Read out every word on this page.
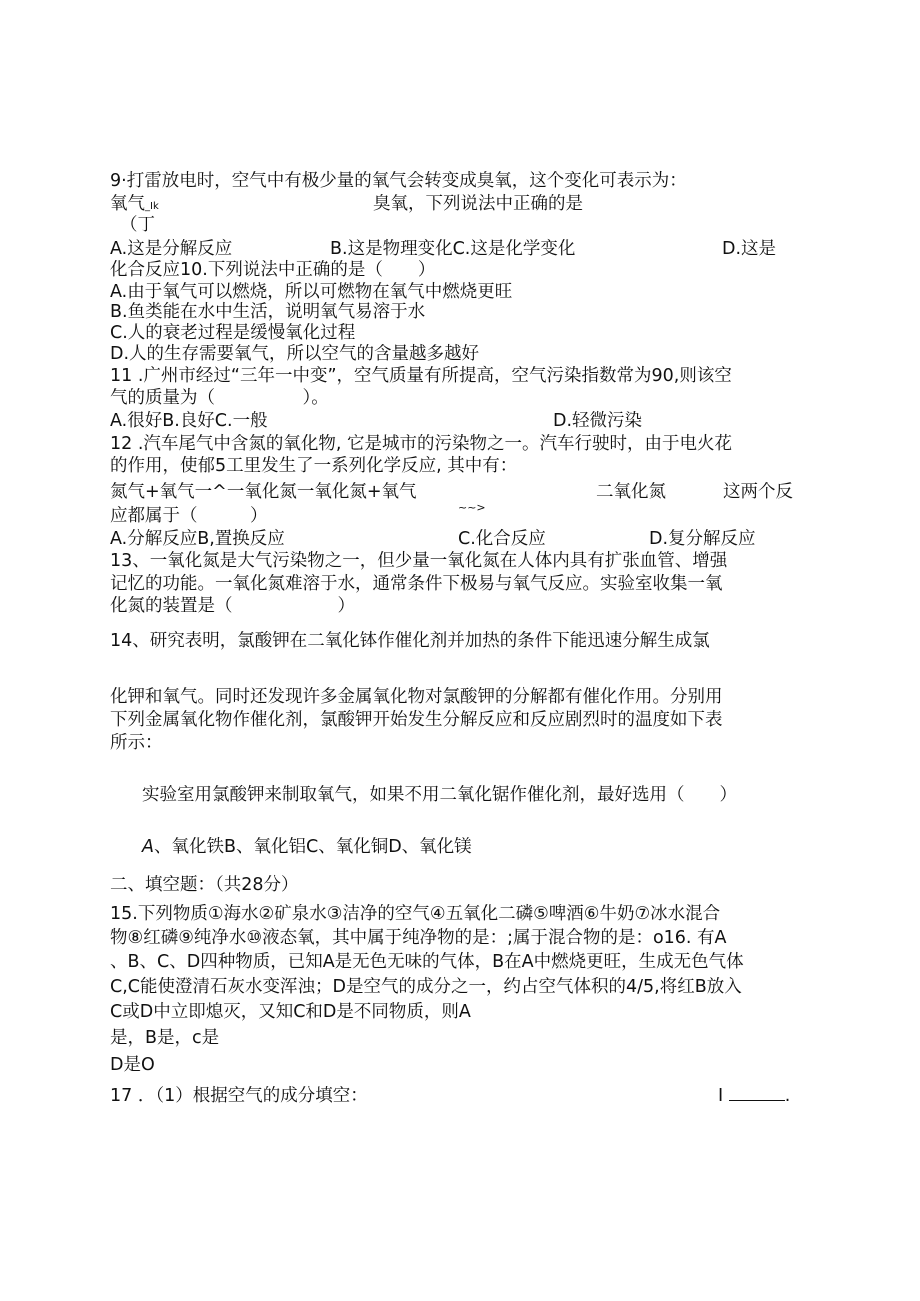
9·打雷放电时，空气中有极少量的氧气会转变成臭氧，这个变化可表示为：
氧气_Ik	臭氧，下列说法中正确的是
（丁
A.这是分解反应	B.这是物理变化C.这是化学变化	D.这是
化合反应10.下列说法中正确的是（　　）
A.由于氧气可以燃烧，所以可燃物在氧气中燃烧更旺
B.鱼类能在水中生活，说明氧气易溶于水
C.人的衰老过程是缓慢氧化过程
D.人的生存需要氧气，所以空气的含量越多越好
11 .广州市经过“三年一中变”，空气质量有所提高，空气污染指数常为90,则该空
气的质量为（　　　　　）。
A.很好B.良好C.一般	D.轻微污染
12 .汽车尾气中含氮的氧化物, 它是城市的污染物之一。汽车行驶时，由于电火花
的作用，使郁5工里发生了一系列化学反应, 其中有：
氮气+氧气一^一氧化氮一氧化氮+氧气
~~>
二氧化氮	这两个反
应都属于（　　　）
A.分解反应B,置换反应	C.化合反应	D.复分解反应
13、一氧化氮是大气污染物之一，但少量一氧化氮在人体内具有扩张血管、增强
记忆的功能。一氧化氮难溶于水，通常条件下极易与氧气反应。实验室收集一氧
化氮的装置是（　　　　　　）
14、研究表明，氯酸钾在二氧化钵作催化剂并加热的条件下能迅速分解生成氯
化钾和氧气。同时还发现许多金属氧化物对氯酸钾的分解都有催化作用。分别用
下列金属氧化物作催化剂，氯酸钾开始发生分解反应和反应剧烈时的温度如下表
所示：
实验室用氯酸钾来制取氧气，如果不用二氧化锯作催化剂，最好选用（　　）
A、氧化铁B、氧化铝C、氧化铜D、氧化镁
二、填空题：（共28分）
15.下列物质①海水②矿泉水③洁净的空气④五氧化二磷⑤啤酒⑥牛奶⑦冰水混合
物⑧红磷⑨纯净水⑩液态氧，其中属于纯净物的是：;属于混合物的是：o16. 有A
、B、C、D四种物质，已知A是无色无味的气体，B在A中燃烧更旺，生成无色气体
C,C能使澄清石灰水变浑浊；D是空气的成分之一，约占空气体积的4/5,将红B放入
C或D中立即熄灭，又知C和D是不同物质，则A
是，B是，c是
D是O
17 ．（1）根据空气的成分填空：	I	.
